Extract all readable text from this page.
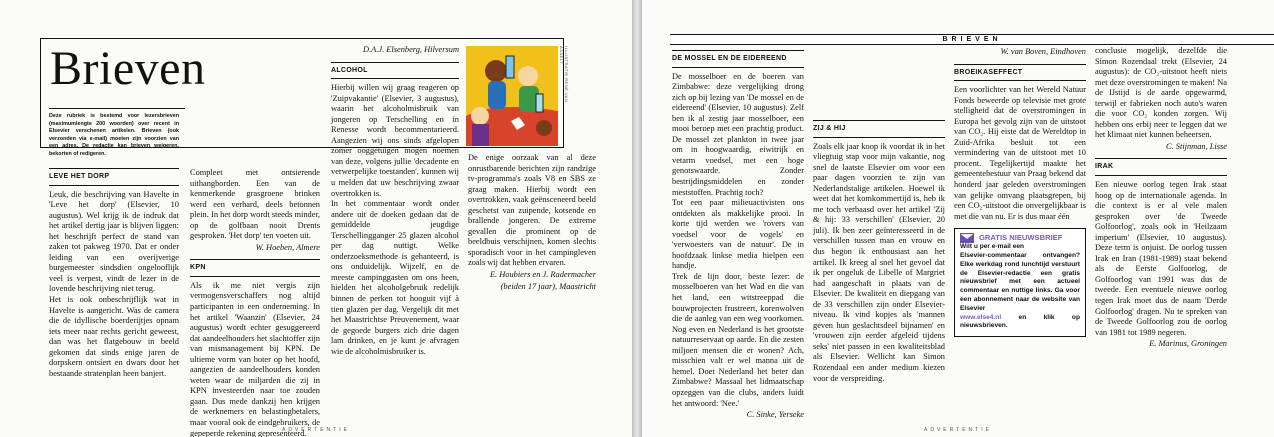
Brieven
Deze rubriek is bestemd voor lezersbrieven (maximumlengte 200 woorden) over recent in Elsevier verschenen artikelen. Brieven (ook verzonden via e-mail) moeten zijn voorzien van een adres. De redactie kan brieven weigeren, bekorten of redigeren.
ILLUSTRATIE RENÉ VAN ASSELT
LEVE HET DORP

Leuk, die beschrijving van Havelte in 'Leve het dorp' (Elsevier, 10 augustus). Wel krijg ik de indruk dat het artikel dertig jaar is blijven liggen: het beschrijft perfect de stand van zaken tot pakweg 1970. Dat er onder leiding van een overijverige burgemeester sindsdien ongelooflijk veel is verpest, vindt de lezer in de lovende beschrijving niet terug.

Het is ook onbeschrijflijk wat in Havelte is aangericht. Was de camera die de idyllische boerderijtjes opnam iets meer naar rechts gericht geweest, dan was het flatgebouw in beeld gekomen dat sinds enige jaren de dorpskern ontsiert en dwars door het bestaande stratenplan heen banjert.

Compleet met ontsierende uithangborden. Een van de kenmerkende grasgroene brinken werd een verhard, deels betonnen plein. In het dorp wordt steeds minder, op de golfbaan nooit Drents gesproken. 'Het dorp' ten voeten uit.

W. Hoeben, Almere
KPN

Als ik me niet vergis zijn vermogensverschaffers nog altijd participanten in een onderneming. In het artikel 'Waanzin' (Elsevier, 24 augustus) wordt echter gesuggereerd dat aandeelhouders het slachtoffer zijn van mismanagement bij KPN. De ultieme vorm van boter op het hoofd, aangezien de aandeelhouders konden weten waar de miljarden die zij in KPN investeerden naar toe zouden gaan. Dus mede dankzij hen krijgen de werknemers en belastingbetalers, maar vooral ook de eindgebruikers, de gepeperde rekening gepresenteerd.

D.A.J. Elsenberg, Hilversum
ALCOHOL

Hierbij willen wij graag reageren op 'Zuipvakantie' (Elsevier, 3 augustus), waarin het alcoholmisbruik van jongeren op Terschelling en in Renesse wordt becommentarieerd. Aangezien wij ons sinds afgelopen zomer ooggetuigen mogen noemen van deze, volgens jullie 'decadente en verwerpelijke toestanden', kunnen wij u melden dat uw beschrijving zwaar overtrokken is.

In het commentaar wordt onder andere uit de doeken gedaan dat de gemiddelde jeugdige Terschellingganger 25 glazen alcohol per dag nuttigt. Welke onderzoeksmethode is gehanteerd, is ons onduidelijk. Wijzelf, en de meeste campinggasten om ons heen, hielden het alcoholgebruik redelijk binnen de perken tot hooguit vijf à tien glazen per dag. Vergelijk dit met het Maastrichtse Preuvenement, waar de gegoede burgers zich drie dagen lam drinken, en je kunt je afvragen wie de alcoholmisbruiker is.

De enige oorzaak van al deze onrustbarende berichten zijn randzige tv-programma's zoals V8 en SBS ze graag maken. Hierbij wordt een overtrokken, vaak geënsceneerd beeld geschetst van zuipende, kotsende en brallende jongeren. De extreme gevallen die prominent op de beeldbuis verschijnen, komen slechts sporadisch voor in het campingleven zoals wij dat hebben ervaren.

E. Houbiers en J. Radermacher
(beiden 17 jaar), Maastricht
ADVERTENTIE
BRIEVEN
DE MOSSEL EN DE EIDEREEND

De mosselboer en de boeren van Zimbabwe: deze vergelijking drong zich op bij lezing van 'De mossel en de eidereend' (Elsevier, 10 augustus). Zelf ben ik al zestig jaar mosselboer, een mooi beroep met een prachtig product. De mossel zet plankton in twee jaar om in hoogwaardig, eiwitrijk en vetarm voedsel, met een hoge genotswaarde. Zonder bestrijdingsmiddelen en zonder meststoffen. Prachtig toch?

Tot een paar milieuactivisten ons ontdekten als makkelijke prooi. In korte tijd werden we 'rovers van voedsel voor de vogels' en 'verwoesters van de natuur'. De in hoofdzaak linkse media hielpen een handje.

Trek de lijn door, beste lezer: de mosselboeren van het Wad en die van het land, een witstreeppad die bouwprojecten frustreert, korenwolven die de aanleg van een weg voorkomen. Nog even en Nederland is het grootste natuurreservaat op aarde. En die zesten miljoen mensen die er wonen? Ach, misschien valt er wel manna uit de hemel. Doet Nederland het beter dan Zimbabwe? Massaal het lidmaatschap opzeggen van die clubs, anders luidt het antwoord: 'Nee.'

C. Sinke, Yerseke
ZIJ & HIJ

Zoals elk jaar koop ik voordat ik in het vliegtuig stap voor mijn vakantie, nog snel de laatste Elsevier om voor een paar dagen voorzien te zijn van Nederlandstalige artikelen. Hoewel ik weet dat het komkommertijd is, heb ik me toch verbaasd over het artikel 'Zij & hij: 33 verschillen' (Elsevier, 20 juli). Ik ben zeer geïnteresseerd in de verschillen tussen man en vrouw en dus begon ik enthousiast aan het artikel. Ik kreeg al snel het gevoel dat ik per ongeluk de Libelle of Margriet had aangeschaft in plaats van de Elsevier. De kwaliteit en diepgang van de 33 verschillen zijn onder Elsevier-niveau. Ik vind kopjes als 'mannen geven hun geslachtsdeel bijnamen' en 'vrouwen zijn eerder afgeleid tijdens seks' niet passen in een kwaliteitsblad als Elsevier. Wellicht kan Simon Rozendaal een ander medium kiezen voor de verspreiding.

W. van Boven, Eindhoven
BROEIKASEFFECT

Een voorlichter van het Wereld Natuur Fonds beweerde op televisie met grote stelligheid dat de overstromingen in Europa het gevolg zijn van de uitstoot van CO₂. Hij eiste dat de Wereldtop in Zuid-Afrika besluit tot een vermindering van de uitstoot met 10 procent. Tegelijkertijd maakte het gemeentebestuur van Praag bekend dat honderd jaar geleden overstromingen van gelijke omvang plaatsgrepen, bij een CO₂-uitstoot die onvergelijkbaar is met die van nu. Er is dus maar één

GRATIS NIEUWSBRIEF
Wilt u per e-mail een
Elsevier-commentaar ontvangen? Elke werkdag rond lunchtijd verstuurt de Elsevier-redactie een gratis nieuwsbrief met een actueel commentaar en nuttige links. Ga voor een abonnement naar de website van Elsevier
www.else4.nl	en klik op nieuwsbrieven.

conclusie mogelijk, dezelfde die Simon Rozendaal trekt (Elsevier, 24 augustus): de CO₂-uitstoot heeft niets met deze overstromingen te maken! Na de IJstijd is de aarde opgewarmd, terwijl er fabrieken noch auto's waren die voor CO₂ konden zorgen. Wij hebben ons erbij neer te leggen dat we het klimaat niet kunnen beheersen.

C. Stijnman, Lisse
IRAK

Een nieuwe oorlog tegen Irak staat hoog op de internationale agenda. In die context is er al vele malen gesproken over 'de Tweede Golfoorlog', zoals ook in 'Heilzaam imperium' (Elsevier, 10 augustus). Deze term is onjuist. De oorlog tussen Irak en Iran (1981-1989) staat bekend als de Eerste Golfoorlog, de Golfoorlog van 1991 was dus de tweede. Een eventuele nieuwe oorlog tegen Irak moet dus de naam 'Derde Golfoorlog' dragen. Nu te spreken van de Tweede Golfoorlog zou de oorlog van 1981 tot 1989 negeren.

E. Marinus, Groningen
ADVERTENTIE
